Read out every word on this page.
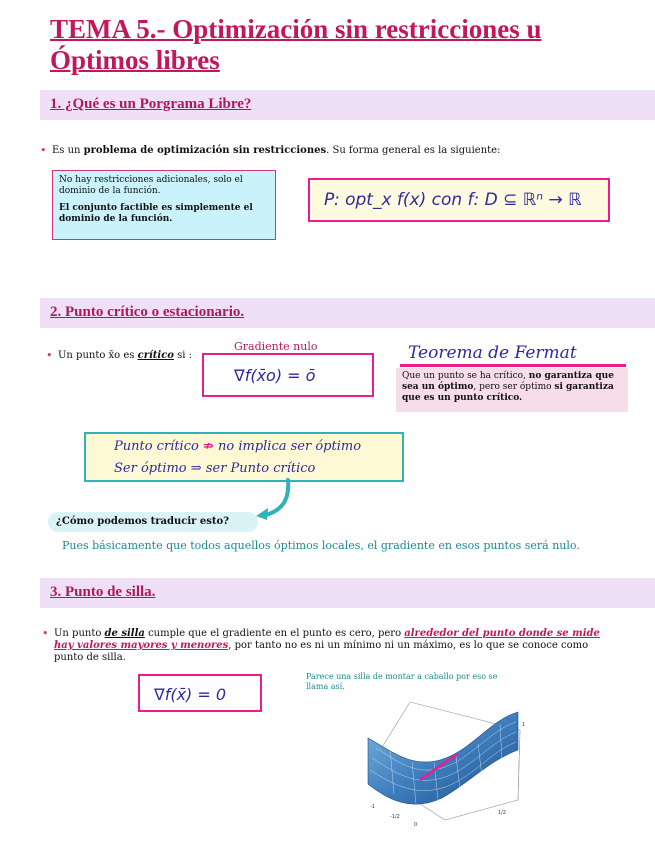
TEMA 5.- Optimización sin restricciones u
Óptimos libres
1. ¿Qué es un Porgrama Libre?
• Es un problema de optimización sin restricciones. Su forma general es la siguiente:
No hay restricciones adicionales, solo el dominio de la función.
El conjunto factible es simplemente el dominio de la función.
P: opt_x f(x) con f: D ⊆ ℝⁿ → ℝ
2. Punto crítico o estacionario.
• Un punto x̄o es crítico si :
Gradiente nulo
∇f(x̄o) = ō
Teorema de Fermat
Que un punto se ha crítico, no garantiza que sea un óptimo, pero ser óptimo si garantiza que es un punto crítico.
Punto crítico ⇏ no implica ser óptimo
Ser óptimo ⇒ ser Punto crítico
¿Cómo podemos traducir esto?
Pues básicamente que todos aquellos óptimos locales, el gradiente en esos puntos será nulo.
3. Punto de silla.
• Un punto de silla cumple que el gradiente en el punto es cero, pero alrededor del punto donde se mide hay valores mayores y menores, por tanto no es ni un mínimo ni un máximo, es lo que se conoce como punto de silla.
∇f(x̄) = 0
Parece una silla de montar a caballo por eso se llama así.
-1
-1/2
0
1/2
1
